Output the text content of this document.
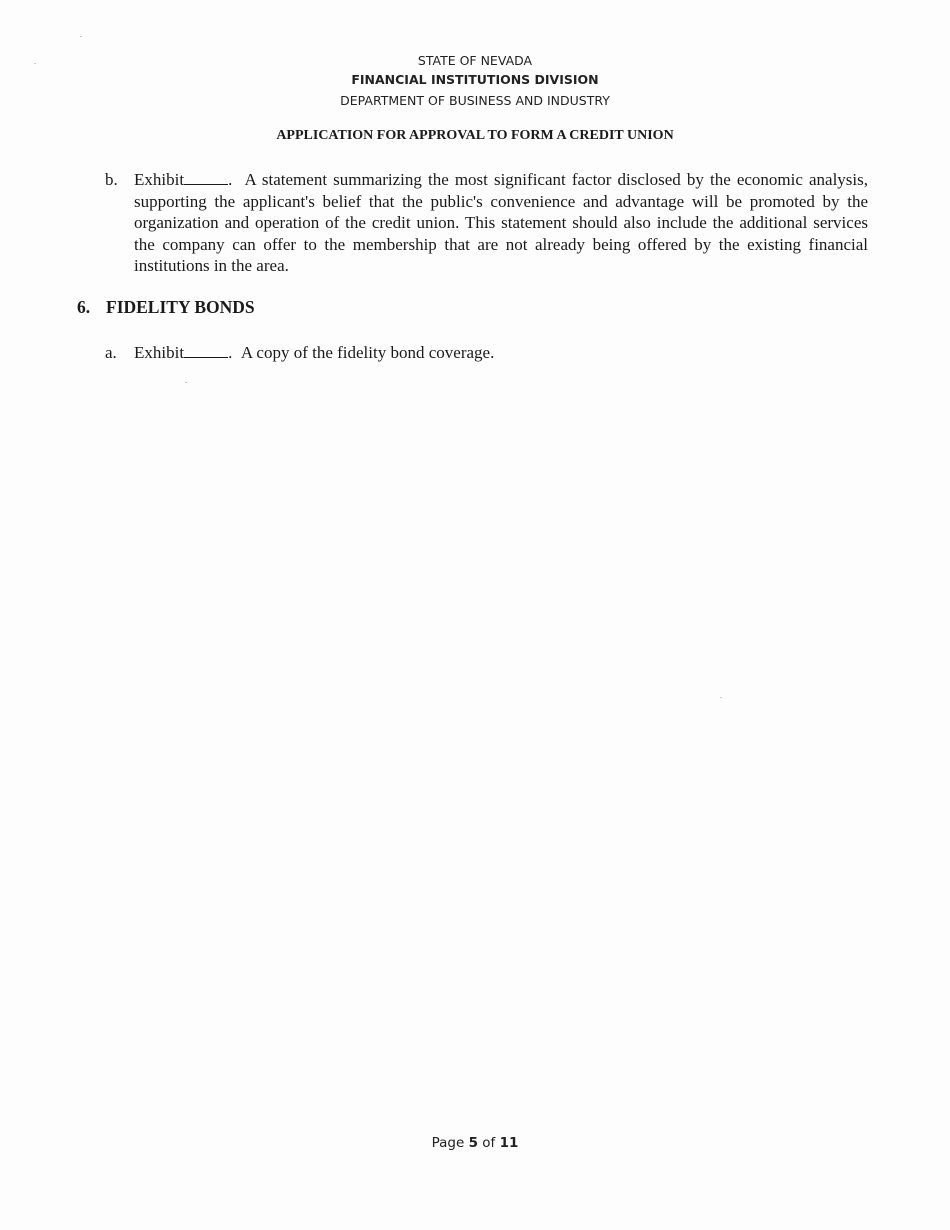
STATE OF NEVADA
FINANCIAL INSTITUTIONS DIVISION
DEPARTMENT OF BUSINESS AND INDUSTRY
APPLICATION FOR APPROVAL TO FORM A CREDIT UNION
b. Exhibit	. A statement summarizing the most significant factor disclosed by the economic analysis, supporting the applicant's belief that the public's convenience and advantage will be promoted by the organization and operation of the credit union. This statement should also include the additional services the company can offer to the membership that are not already being offered by the existing financial institutions in the area.
6. FIDELITY BONDS
a. Exhibit	. A copy of the fidelity bond coverage.
Page 5 of 11
